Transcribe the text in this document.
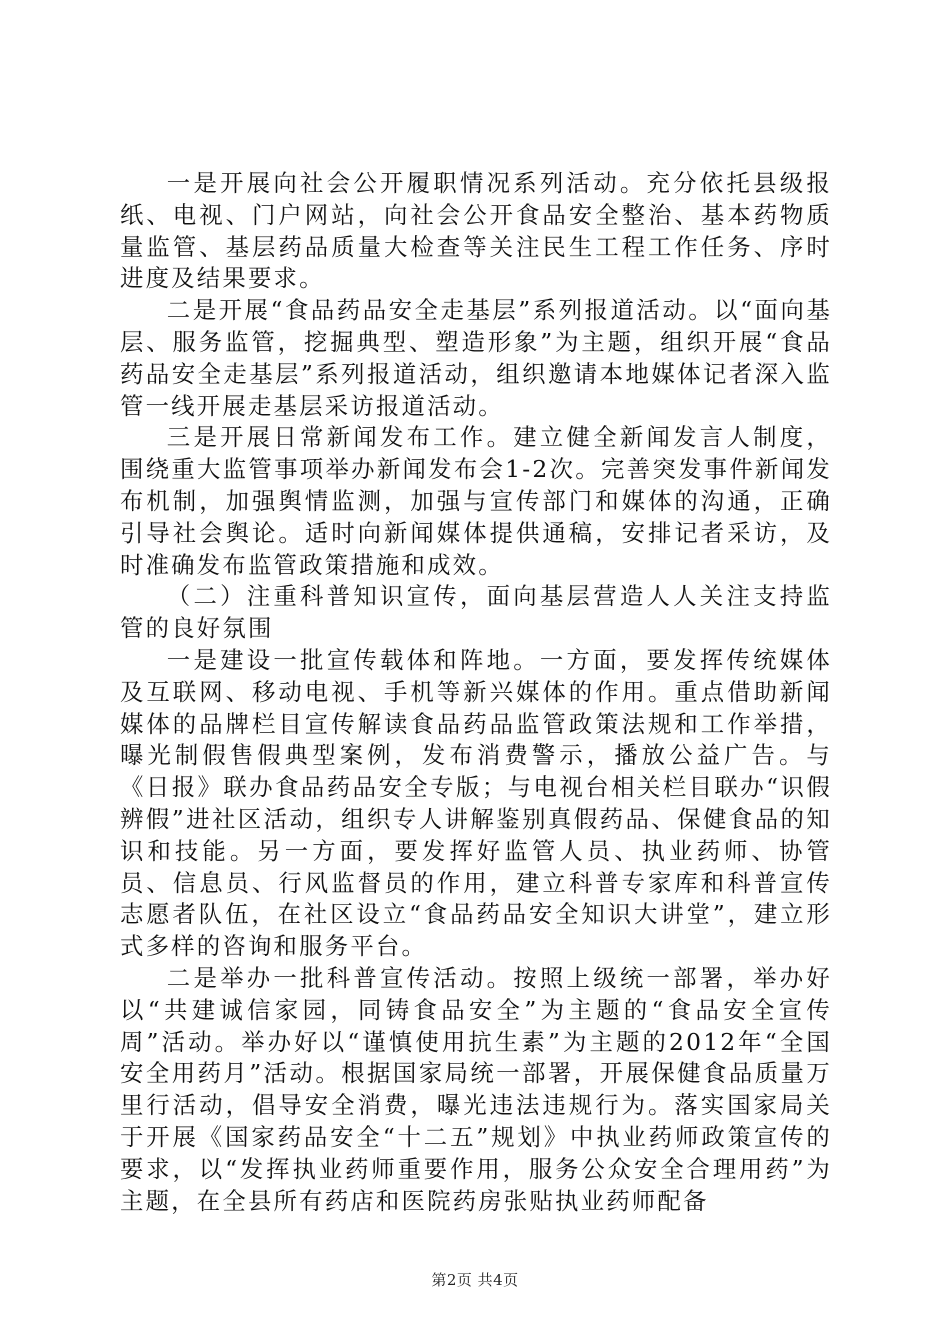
一是开展向社会公开履职情况系列活动。充分依托县级报纸、电视、门户网站，向社会公开食品安全整治、基本药物质量监管、基层药品质量大检查等关注民生工程工作任务、序时进度及结果要求。

二是开展“食品药品安全走基层”系列报道活动。以“面向基层、服务监管，挖掘典型、塑造形象”为主题，组织开展“食品药品安全走基层”系列报道活动，组织邀请本地媒体记者深入监管一线开展走基层采访报道活动。

三是开展日常新闻发布工作。建立健全新闻发言人制度，围绕重大监管事项举办新闻发布会1-2次。完善突发事件新闻发布机制，加强舆情监测，加强与宣传部门和媒体的沟通，正确引导社会舆论。适时向新闻媒体提供通稿，安排记者采访，及时准确发布监管政策措施和成效。

（二）注重科普知识宣传，面向基层营造人人关注支持监管的良好氛围

一是建设一批宣传载体和阵地。一方面，要发挥传统媒体及互联网、移动电视、手机等新兴媒体的作用。重点借助新闻媒体的品牌栏目宣传解读食品药品监管政策法规和工作举措，曝光制假售假典型案例，发布消费警示，播放公益广告。与《日报》联办食品药品安全专版；与电视台相关栏目联办“识假辨假”进社区活动，组织专人讲解鉴别真假药品、保健食品的知识和技能。另一方面，要发挥好监管人员、执业药师、协管员、信息员、行风监督员的作用，建立科普专家库和科普宣传志愿者队伍，在社区设立“食品药品安全知识大讲堂”，建立形式多样的咨询和服务平台。

二是举办一批科普宣传活动。按照上级统一部署，举办好以“共建诚信家园，同铸食品安全”为主题的“食品安全宣传周”活动。举办好以“谨慎使用抗生素”为主题的2012年“全国安全用药月”活动。根据国家局统一部署，开展保健食品质量万里行活动，倡导安全消费，曝光违法违规行为。落实国家局关于开展《国家药品安全“十二五”规划》中执业药师政策宣传的要求，以“发挥执业药师重要作用，服务公众安全合理用药”为主题，在全县所有药店和医院药房张贴执业药师配备

第2页 共4页
